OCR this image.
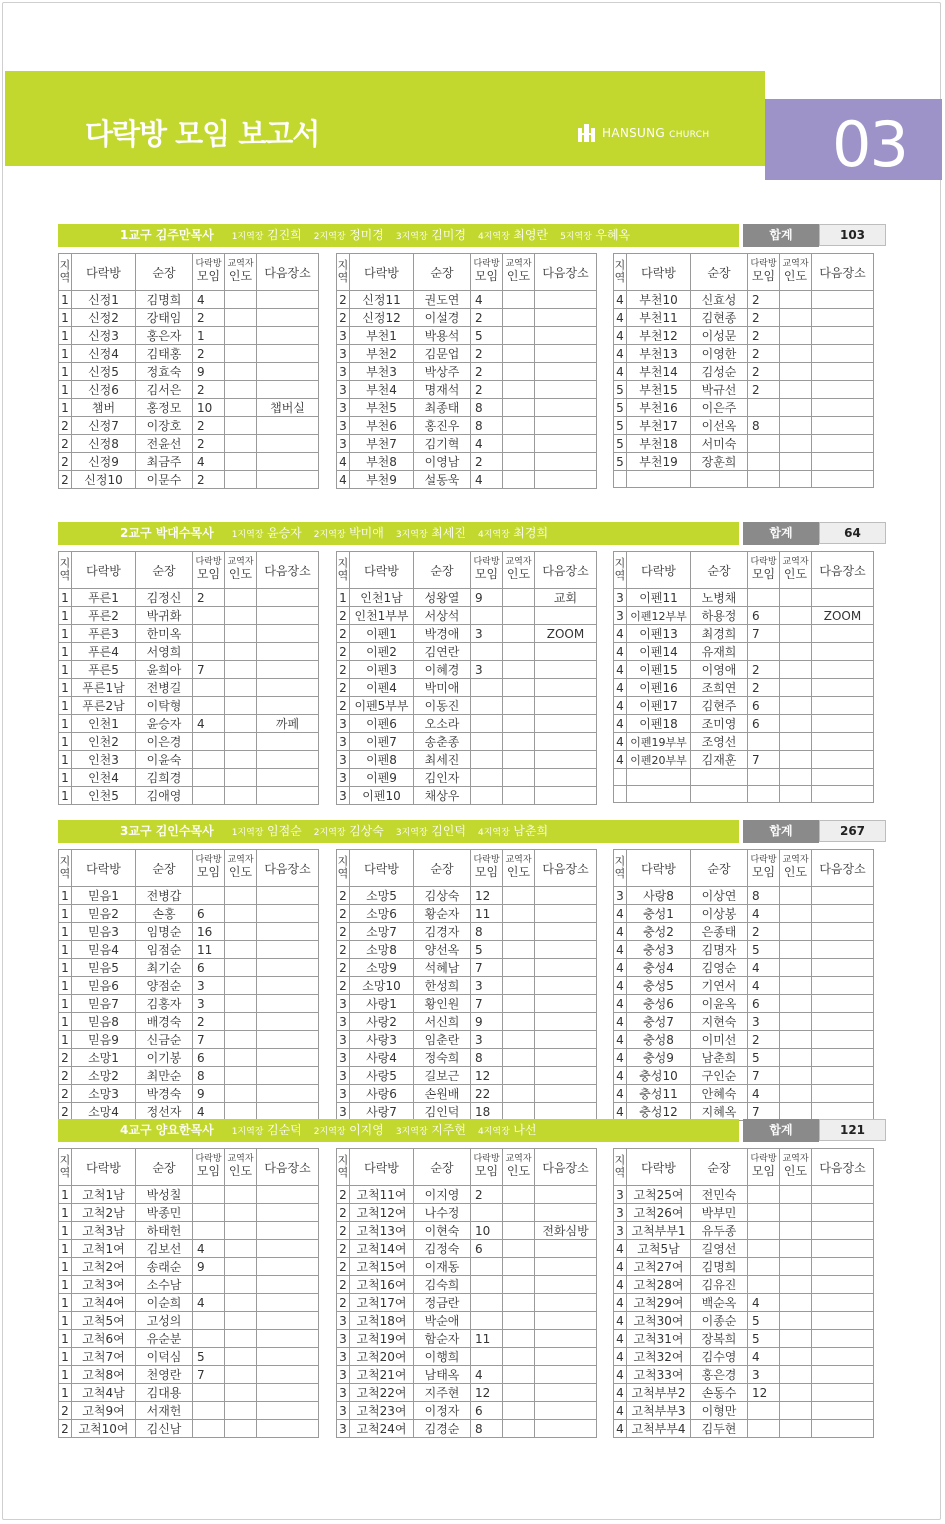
다락방 모임 보고서	HANSUNG CHURCH 03
1교구 김주만목사 1지역장 김진희 2지역장 정미경 3지역장 김미경 4지역장 최영란 5지역장 우혜옥	합계	103
지
역	다락방	순장	다락방
모임	교역자
인도	다음장소
1	신정1	김명희	4		
1	신정2	강태임	2		
1	신정3	홍은자	1		
1	신정4	김태홍	2		
1	신정5	정효숙	9		
1	신정6	김서은	2		
1	챔버	홍정모	10		챕버실
2	신정7	이장호	2		
2	신정8	전윤선	2		
2	신정9	최금주	4		
2	신정10	이문수	2		
지
역	다락방	순장	다락방
모임	교역자
인도	다음장소
2	신정11	권도연	4		
2	신정12	이설경	2		
3	부천1	박용석	5		
3	부천2	김문업	2		
3	부천3	박상주	2		
3	부천4	명재석	2		
3	부천5	최종태	8		
3	부천6	홍진우	8		
3	부천7	김기혁	4		
4	부천8	이영남	2		
4	부천9	설동욱	4		
지
역	다락방	순장	다락방
모임	교역자
인도	다음장소
4	부천10	신효성	2		
4	부천11	김현종	2		
4	부천12	이성문	2		
4	부천13	이영한	2		
4	부천14	김성순	2		
5	부천15	박규선	2		
5	부천16	이은주			
5	부천17	이선옥	8		
5	부천18	서미숙			
5	부천19	장훈희			

2교구 박대수목사 1지역장 윤승자 2지역장 박미애 3지역장 최세진 4지역장 최경희	합계	64
지
역	다락방	순장	다락방
모임	교역자
인도	다음장소
1	푸른1	김정신	2		
1	푸른2	박귀화			
1	푸른3	한미옥			
1	푸른4	서영희			
1	푸른5	윤희아	7		
1	푸른1남	전병길			
1	푸른2남	이탁형			
1	인천1	윤승자	4		까페
1	인천2	이은경			
1	인천3	이윤숙			
1	인천4	김희경			
1	인천5	김애영			
지
역	다락방	순장	다락방
모임	교역자
인도	다음장소
1	인천1남	성왕열	9		교회
2	인천1부부	서상석			
2	이펜1	박경애	3		ZOOM
2	이펜2	김연란			
2	이펜3	이혜경	3		
2	이펜4	박미애			
2	이펜5부부	이동진			
3	이펜6	오소라			
3	이펜7	송춘종			
3	이펜8	최세진			
3	이펜9	김인자			
3	이펜10	채상우			
지
역	다락방	순장	다락방
모임	교역자
인도	다음장소
3	이펜11	노병채			
3	이펜12부부	하용정	6		ZOOM
4	이펜13	최경희	7		
4	이펜14	유재희			
4	이펜15	이영애	2		
4	이펜16	조희연	2		
4	이펜17	김현주	6		
4	이펜18	조미영	6		
4	이펜19부부	조영선			
4	이펜20부부	김재훈	7		

3교구 김인수목사 1지역장 임점순 2지역장 김상숙 3지역장 김인덕 4지역장 남춘희	합계	267
지
역	다락방	순장	다락방
모임	교역자
인도	다음장소
1	믿음1	전병갑			
1	믿음2	손홍	6		
1	믿음3	임명순	16		
1	믿음4	임점순	11		
1	믿음5	최기순	6		
1	믿음6	양점순	3		
1	믿음7	김홍자	3		
1	믿음8	배경숙	2		
1	믿음9	신금순	7		
2	소망1	이기봉	6		
2	소망2	최만순	8		
2	소망3	박경숙	9		
2	소망4	정선자	4		
지
역	다락방	순장	다락방
모임	교역자
인도	다음장소
2	소망5	김상숙	12		
2	소망6	황순자	11		
2	소망7	김경자	8		
2	소망8	양선옥	5		
2	소망9	석혜남	7		
2	소망10	한성희	3		
3	사랑1	황인원	7		
3	사랑2	서신희	9		
3	사랑3	임춘란	3		
3	사랑4	정숙희	8		
3	사랑5	길보근	12		
3	사랑6	손원배	22		
3	사랑7	김인덕	18		
지
역	다락방	순장	다락방
모임	교역자
인도	다음장소
3	사랑8	이상연	8		
4	충성1	이상봉	4		
4	충성2	은종태	2		
4	충성3	김명자	5		
4	충성4	김영순	4		
4	충성5	기연서	4		
4	충성6	이윤옥	6		
4	충성7	지현숙	3		
4	충성8	이미선	2		
4	충성9	남춘희	5		
4	충성10	구인순	7		
4	충성11	안혜숙	4		
4	충성12	지혜옥	7		
4교구 양요한목사 1지역장 김순덕 2지역장 이지영 3지역장 지주현 4지역장 나선	합계	121
지
역	다락방	순장	다락방
모임	교역자
인도	다음장소
1	고척1남	박성칠			
1	고척2남	박종민			
1	고척3남	하태헌			
1	고척1여	김보선	4		
1	고척2여	송래순	9		
1	고척3여	소수남			
1	고척4여	이순희	4		
1	고척5여	고성의			
1	고척6여	유순분			
1	고척7여	이덕심	5		
1	고척8여	천영란	7		
1	고척4남	김대용			
2	고척9여	서재헌			
2	고척10여	김신남			
지
역	다락방	순장	다락방
모임	교역자
인도	다음장소
2	고척11여	이지영	2		
2	고척12여	나수정			
2	고척13여	이현숙	10		전화심방
2	고척14여	김정숙	6		
2	고척15여	이재동			
2	고척16여	김숙희			
2	고척17여	정금란			
3	고척18여	박순애			
3	고척19여	함순자	11		
3	고척20여	이행희			
3	고척21여	남태옥	4		
3	고척22여	지주현	12		
3	고척23여	이정자	6		
3	고척24여	김경순	8		
지
역	다락방	순장	다락방
모임	교역자
인도	다음장소
3	고척25여	전민숙			
3	고척26여	박부민			
3	고척부부1	유두종			
4	고척5남	길영선			
4	고척27여	김명희			
4	고척28여	김유진			
4	고척29여	백순옥	4		
4	고척30여	이종순	5		
4	고척31여	장복희	5		
4	고척32여	김수영	4		
4	고척33여	홍은경	3		
4	고척부부2	손동수	12		
4	고척부부3	이형만			
4	고척부부4	김두현			
